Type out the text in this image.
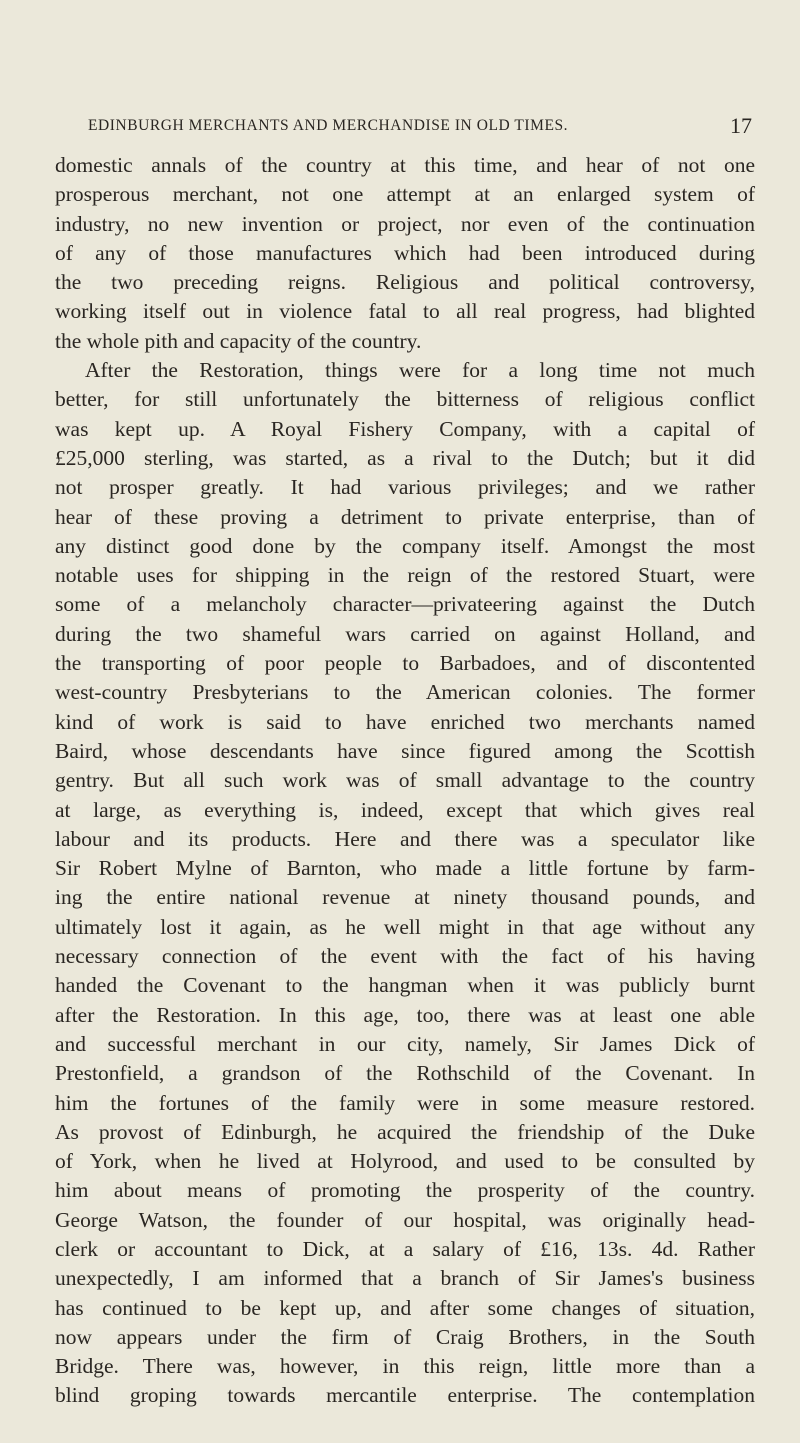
EDINBURGH MERCHANTS AND MERCHANDISE IN OLD TIMES.	17
domestic annals of the country at this time, and hear of not one
prosperous merchant, not one attempt at an enlarged system of
industry, no new invention or project, nor even of the continuation
of any of those manufactures which had been introduced during
the two preceding reigns. Religious and political controversy,
working itself out in violence fatal to all real progress, had blighted
the whole pith and capacity of the country.
After the Restoration, things were for a long time not much
better, for still unfortunately the bitterness of religious conflict
was kept up. A Royal Fishery Company, with a capital of
£25,000 sterling, was started, as a rival to the Dutch; but it did
not prosper greatly. It had various privileges; and we rather
hear of these proving a detriment to private enterprise, than of
any distinct good done by the company itself. Amongst the most
notable uses for shipping in the reign of the restored Stuart, were
some of a melancholy character—privateering against the Dutch
during the two shameful wars carried on against Holland, and
the transporting of poor people to Barbadoes, and of discontented
west-country Presbyterians to the American colonies. The former
kind of work is said to have enriched two merchants named
Baird, whose descendants have since figured among the Scottish
gentry. But all such work was of small advantage to the country
at large, as everything is, indeed, except that which gives real
labour and its products. Here and there was a speculator like
Sir Robert Mylne of Barnton, who made a little fortune by farm-
ing the entire national revenue at ninety thousand pounds, and
ultimately lost it again, as he well might in that age without any
necessary connection of the event with the fact of his having
handed the Covenant to the hangman when it was publicly burnt
after the Restoration. In this age, too, there was at least one able
and successful merchant in our city, namely, Sir James Dick of
Prestonfield, a grandson of the Rothschild of the Covenant. In
him the fortunes of the family were in some measure restored.
As provost of Edinburgh, he acquired the friendship of the Duke
of York, when he lived at Holyrood, and used to be consulted by
him about means of promoting the prosperity of the country.
George Watson, the founder of our hospital, was originally head-
clerk or accountant to Dick, at a salary of £16, 13s. 4d. Rather
unexpectedly, I am informed that a branch of Sir James's business
has continued to be kept up, and after some changes of situation,
now appears under the firm of Craig Brothers, in the South
Bridge. There was, however, in this reign, little more than a
blind groping towards mercantile enterprise. The contemplation
